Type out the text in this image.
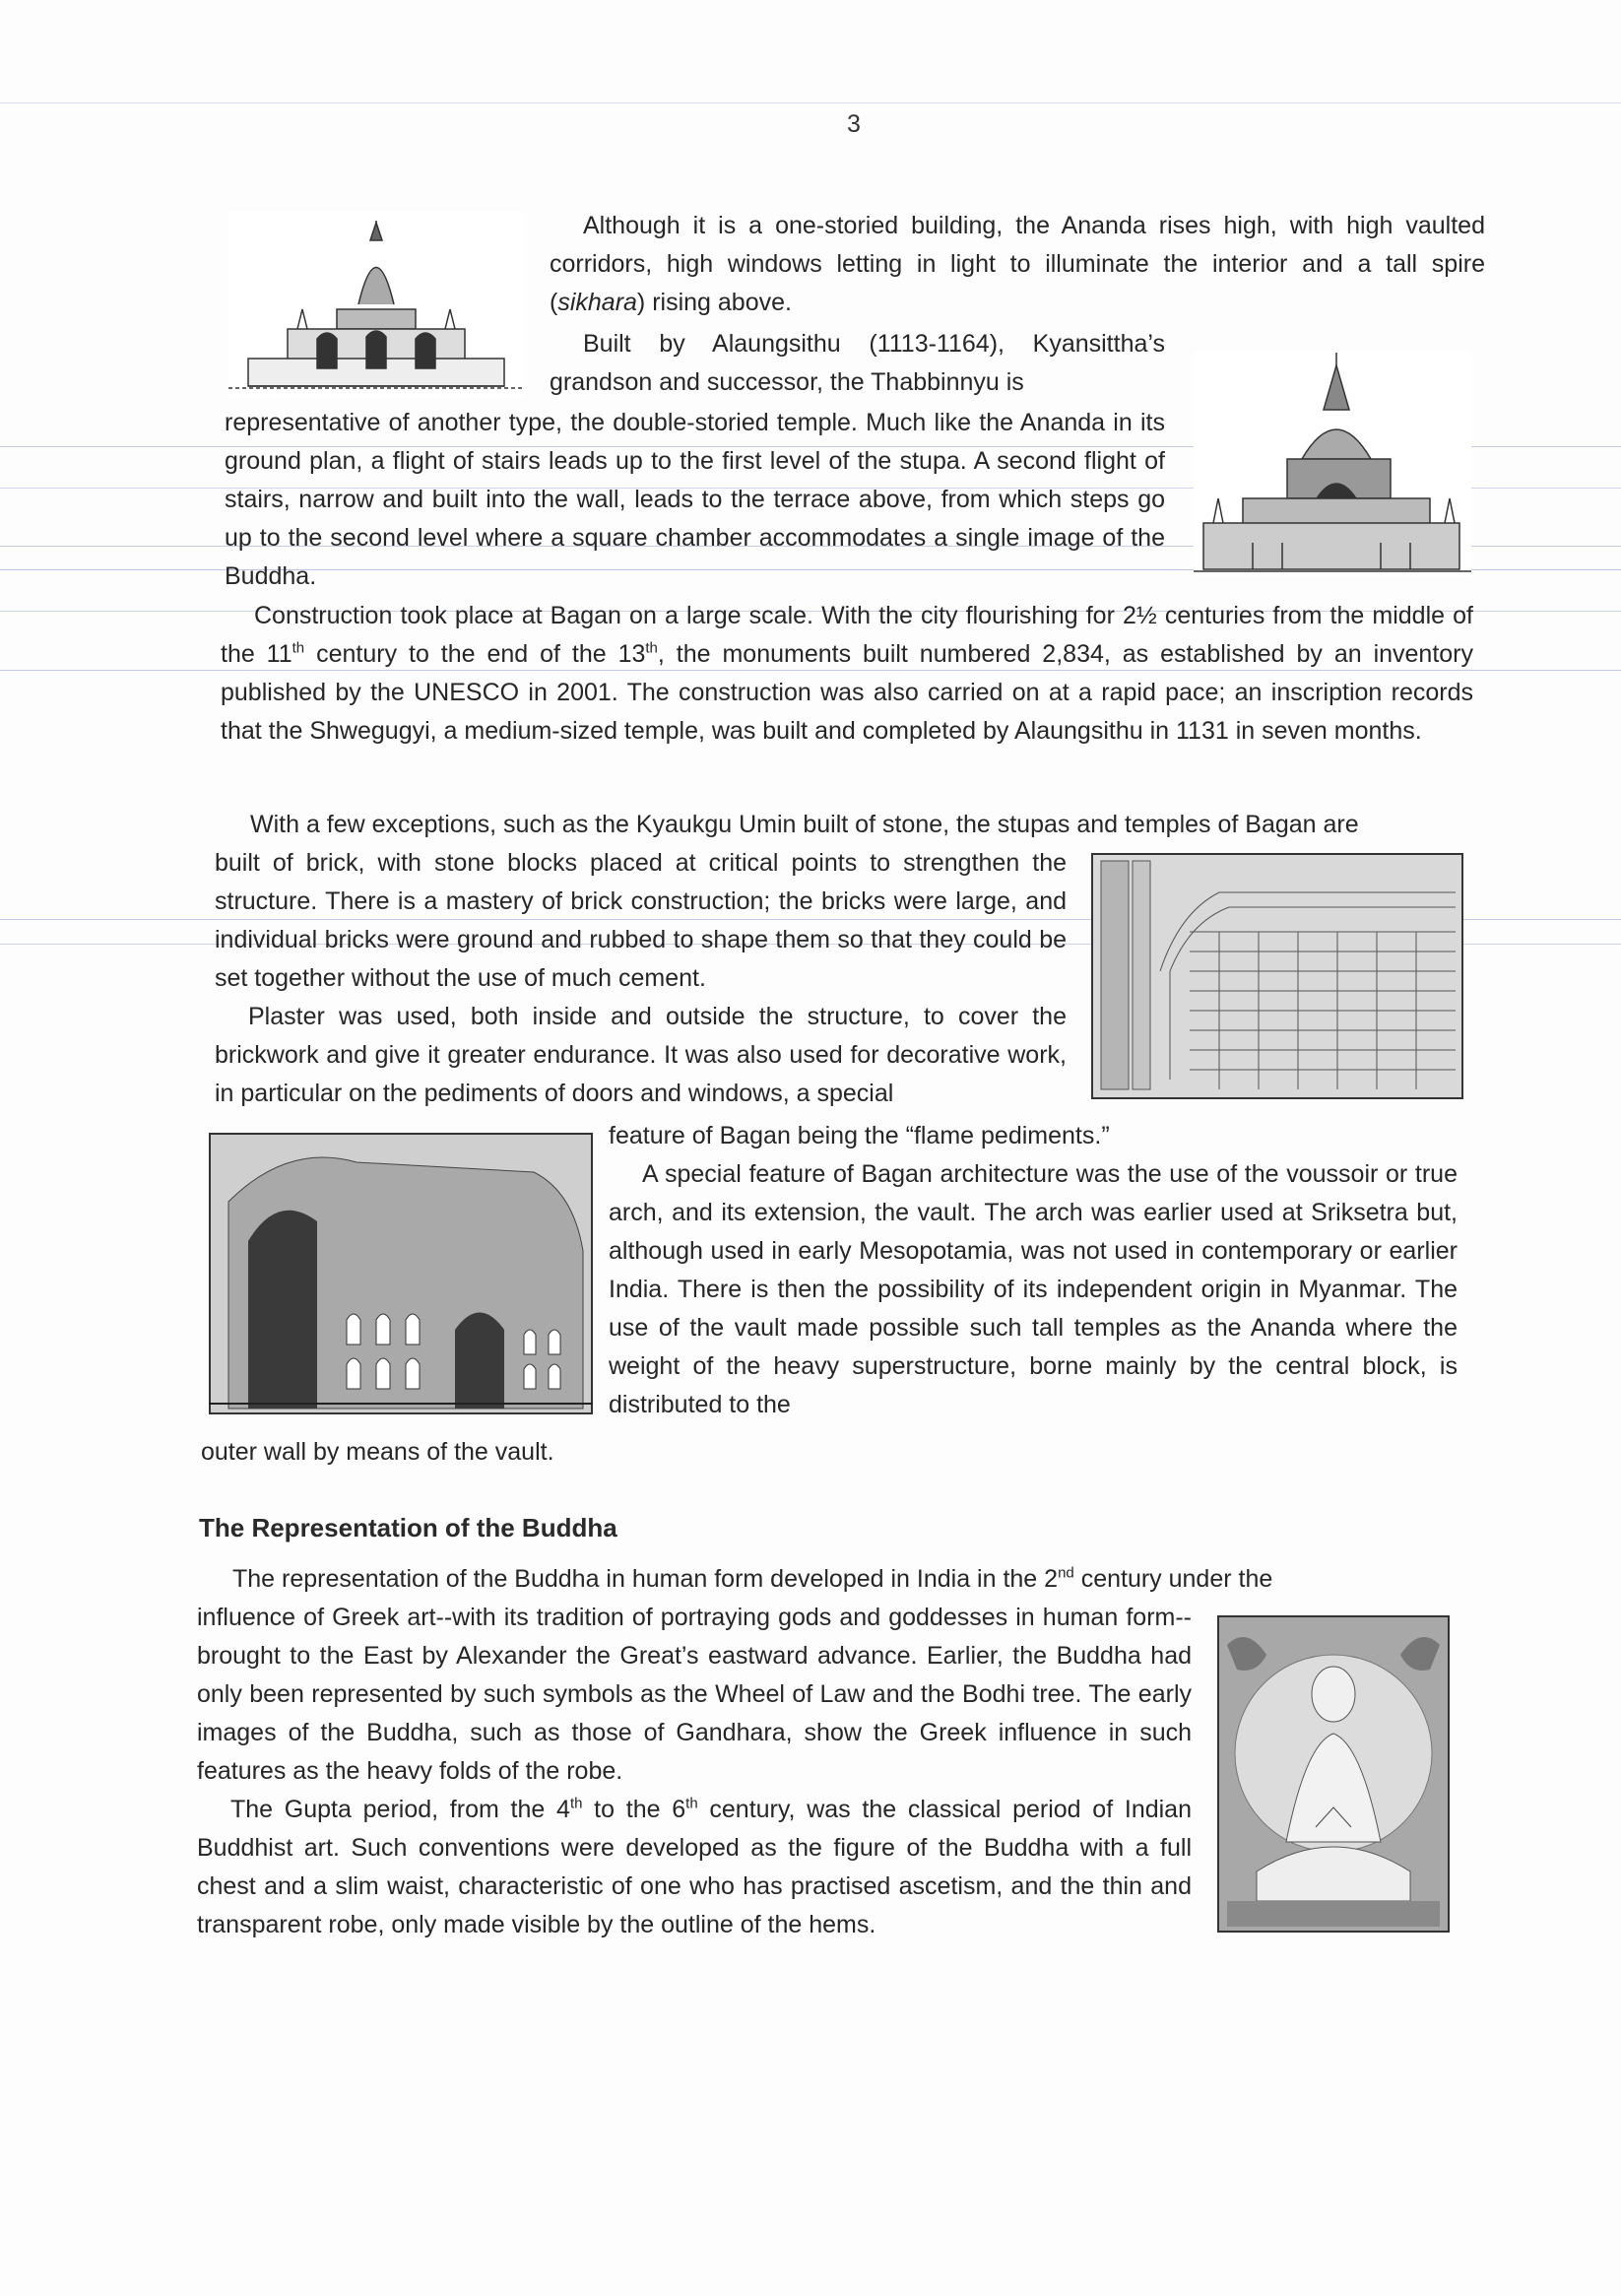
3

Although it is a one-storied building, the Ananda rises high, with high vaulted corridors, high windows letting in light to illuminate the interior and a tall spire (sikhara) rising above.

Built by Alaungsithu (1113-1164), Kyansittha’s grandson and successor, the Thabbinnyu is

representative of another type, the double-storied temple. Much like the Ananda in its ground plan, a flight of stairs leads up to the first level of the stupa. A second flight of stairs, narrow and built into the wall, leads to the terrace above, from which steps go up to the second level where a square chamber accommodates a single image of the Buddha.

Construction took place at Bagan on a large scale. With the city flourishing for 2½ centuries from the middle of the 11th century to the end of the 13th, the monuments built numbered 2,834, as established by an inventory published by the UNESCO in 2001. The construction was also carried on at a rapid pace; an inscription records that the Shwegugyi, a medium-sized temple, was built and completed by Alaungsithu in 1131 in seven months.

With a few exceptions, such as the Kyaukgu Umin built of stone, the stupas and temples of Bagan are

built of brick, with stone blocks placed at critical points to strengthen the structure. There is a mastery of brick construction; the bricks were large, and individual bricks were ground and rubbed to shape them so that they could be set together without the use of much cement.

Plaster was used, both inside and outside the structure, to cover the brickwork and give it greater endurance. It was also used for decorative work, in particular on the pediments of doors and windows, a special

feature of Bagan being the “flame pediments.”

A special feature of Bagan architecture was the use of the voussoir or true arch, and its extension, the vault. The arch was earlier used at Sriksetra but, although used in early Mesopotamia, was not used in contemporary or earlier India. There is then the possibility of its independent origin in Myanmar. The use of the vault made possible such tall temples as the Ananda where the weight of the heavy superstructure, borne mainly by the central block, is distributed to the

outer wall by means of the vault.

The Representation of the Buddha

The representation of the Buddha in human form developed in India in the 2nd century under the

influence of Greek art--with its tradition of portraying gods and goddesses in human form--brought to the East by Alexander the Great’s eastward advance. Earlier, the Buddha had only been represented by such symbols as the Wheel of Law and the Bodhi tree. The early images of the Buddha, such as those of Gandhara, show the Greek influence in such features as the heavy folds of the robe.

The Gupta period, from the 4th to the 6th century, was the classical period of Indian Buddhist art. Such conventions were developed as the figure of the Buddha with a full chest and a slim waist, characteristic of one who has practised ascetism, and the thin and transparent robe, only made visible by the outline of the hems.
